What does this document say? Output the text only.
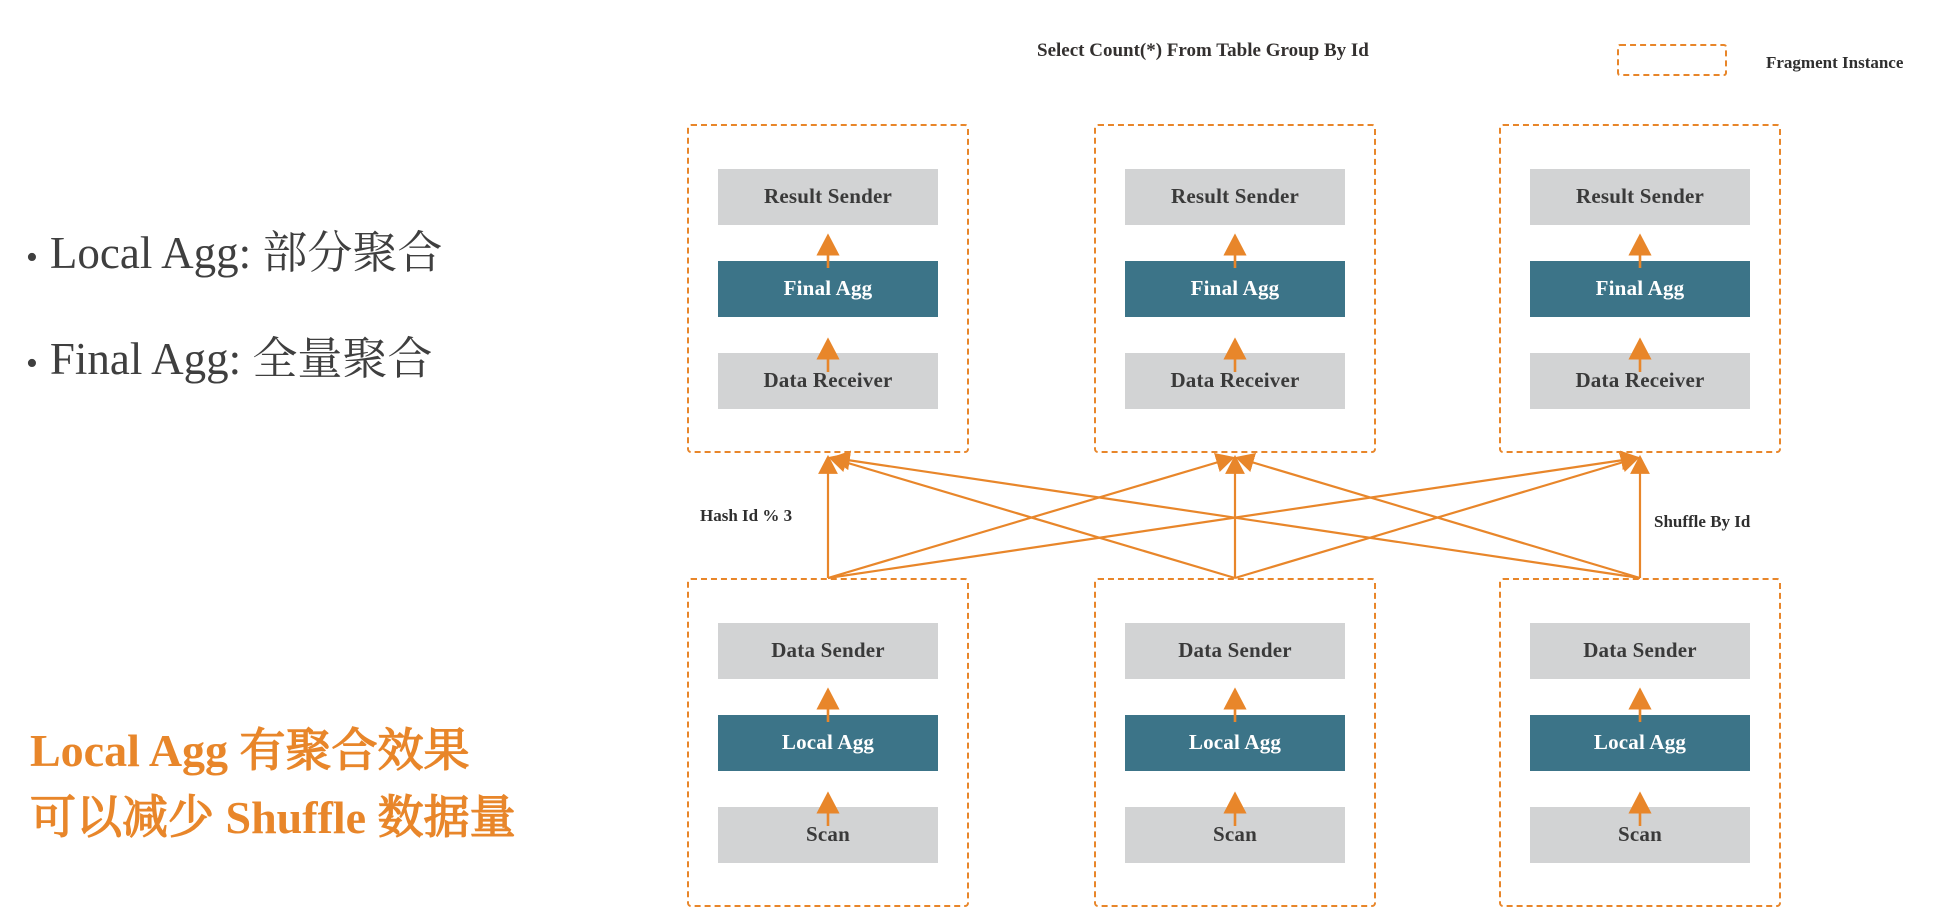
• Local Agg: 部分聚合
• Final Agg: 全量聚合
Local Agg 有聚合效果
可以减少 Shuffle 数据量
Select Count(*) From Table Group By Id
Fragment Instance
Hash Id % 3	Shuffle By Id
Data Receiver
Final Agg
Result Sender
Data Receiver
Final Agg
Result Sender
Data Receiver
Final Agg
Result Sender
Scan
Local Agg
Data Sender
Scan
Local Agg
Data Sender
Scan
Local Agg
Data Sender
